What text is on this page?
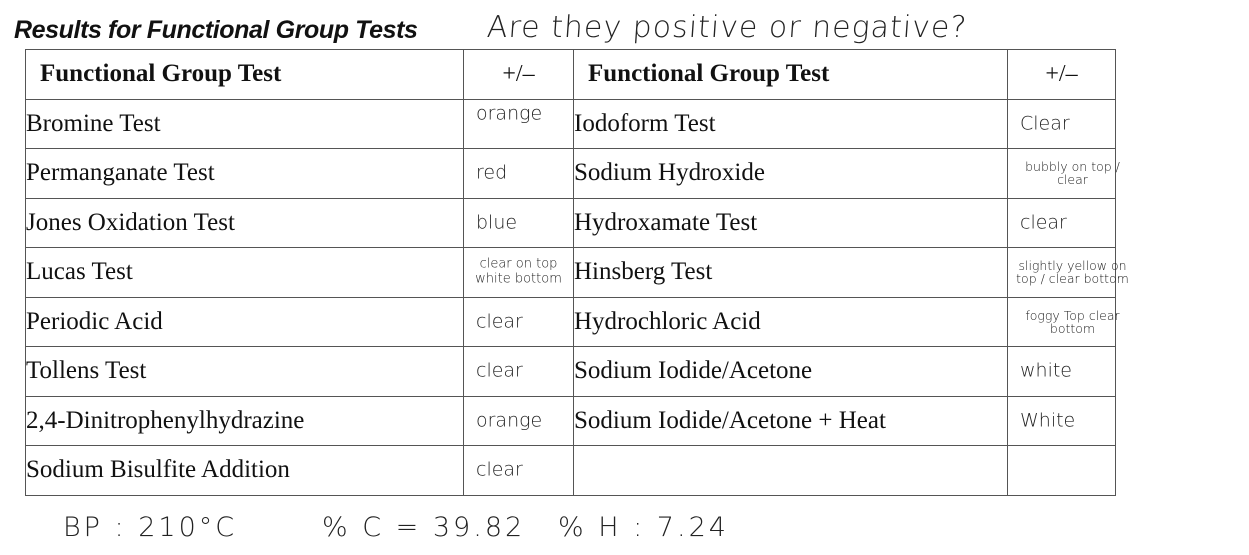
Results for Functional Group Tests Are they positive or negative?
Functional Group Test	+/–	Functional Group Test	+/–
Bromine Test	orange	Iodoform Test	Clear

Permanganate Test	red	Sodium Hydroxide	bubbly on top / clear

Jones Oxidation Test	blue	Hydroxamate Test	clear

Lucas Test	clear on top white bottom	Hinsberg Test	slightly yellow on top / clear bottom

Periodic Acid	clear	Hydrochloric Acid	foggy Top clear bottom

Tollens Test	clear	Sodium Iodide/Acetone	white

2,4-Dinitrophenylhydrazine	orange	Sodium Iodide/Acetone + Heat	White

Sodium Bisulfite Addition	clear		

BP : 210°C	% C = 39.82 % H : 7.24
